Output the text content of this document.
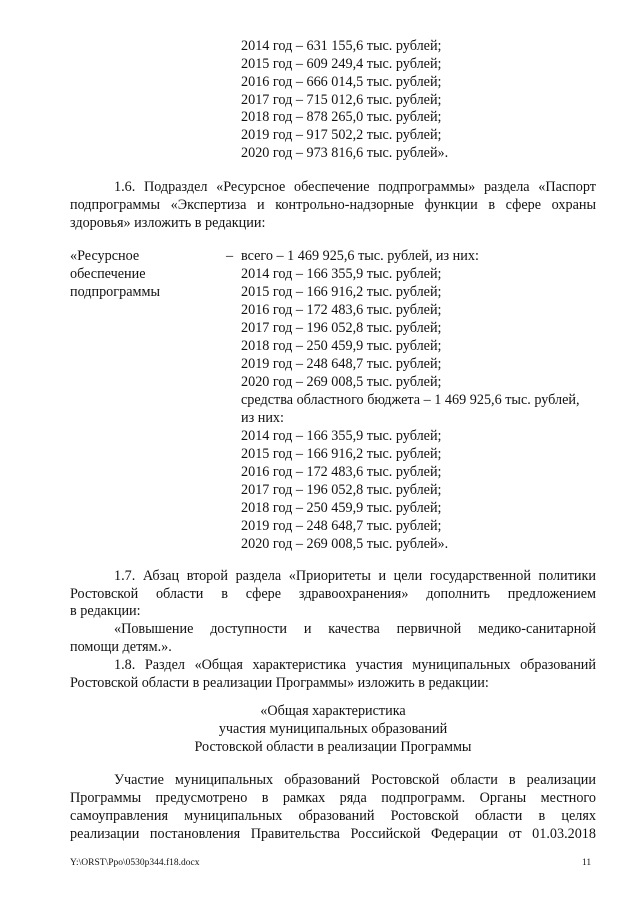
2014 год – 631 155,6 тыс. рублей;
2015 год – 609 249,4 тыс. рублей;
2016 год – 666 014,5 тыс. рублей;
2017 год – 715 012,6 тыс. рублей;
2018 год – 878 265,0 тыс. рублей;
2019 год – 917 502,2 тыс. рублей;
2020 год – 973 816,6 тыс. рублей».
1.6. Подраздел «Ресурсное обеспечение подпрограммы» раздела «Паспорт
подпрограммы «Экспертиза и контрольно-надзорные функции в сфере охраны
здоровья» изложить в редакции:
«Ресурсное
обеспечение
подпрограммы
– всего – 1 469 925,6 тыс. рублей, из них:
2014 год – 166 355,9 тыс. рублей;
2015 год – 166 916,2 тыс. рублей;
2016 год – 172 483,6 тыс. рублей;
2017 год – 196 052,8 тыс. рублей;
2018 год – 250 459,9 тыс. рублей;
2019 год – 248 648,7 тыс. рублей;
2020 год – 269 008,5 тыс. рублей;
средства областного бюджета – 1 469 925,6 тыс. рублей,
из них:
2014 год – 166 355,9 тыс. рублей;
2015 год – 166 916,2 тыс. рублей;
2016 год – 172 483,6 тыс. рублей;
2017 год – 196 052,8 тыс. рублей;
2018 год – 250 459,9 тыс. рублей;
2019 год – 248 648,7 тыс. рублей;
2020 год – 269 008,5 тыс. рублей».
1.7. Абзац второй раздела «Приоритеты и цели государственной политики
Ростовской области в сфере здравоохранения» дополнить предложением
в редакции:
«Повышение доступности и качества первичной медико-санитарной
помощи детям.».
1.8. Раздел «Общая характеристика участия муниципальных образований
Ростовской области в реализации Программы» изложить в редакции:
«Общая характеристика
участия муниципальных образований
Ростовской области в реализации Программы
Участие муниципальных образований Ростовской области в реализации
Программы предусмотрено в рамках ряда подпрограмм. Органы местного
самоуправления муниципальных образований Ростовской области в целях
реализации постановления Правительства Российской Федерации от 01.03.2018
Y:\ORST\Ppo\0530p344.f18.docx	11
